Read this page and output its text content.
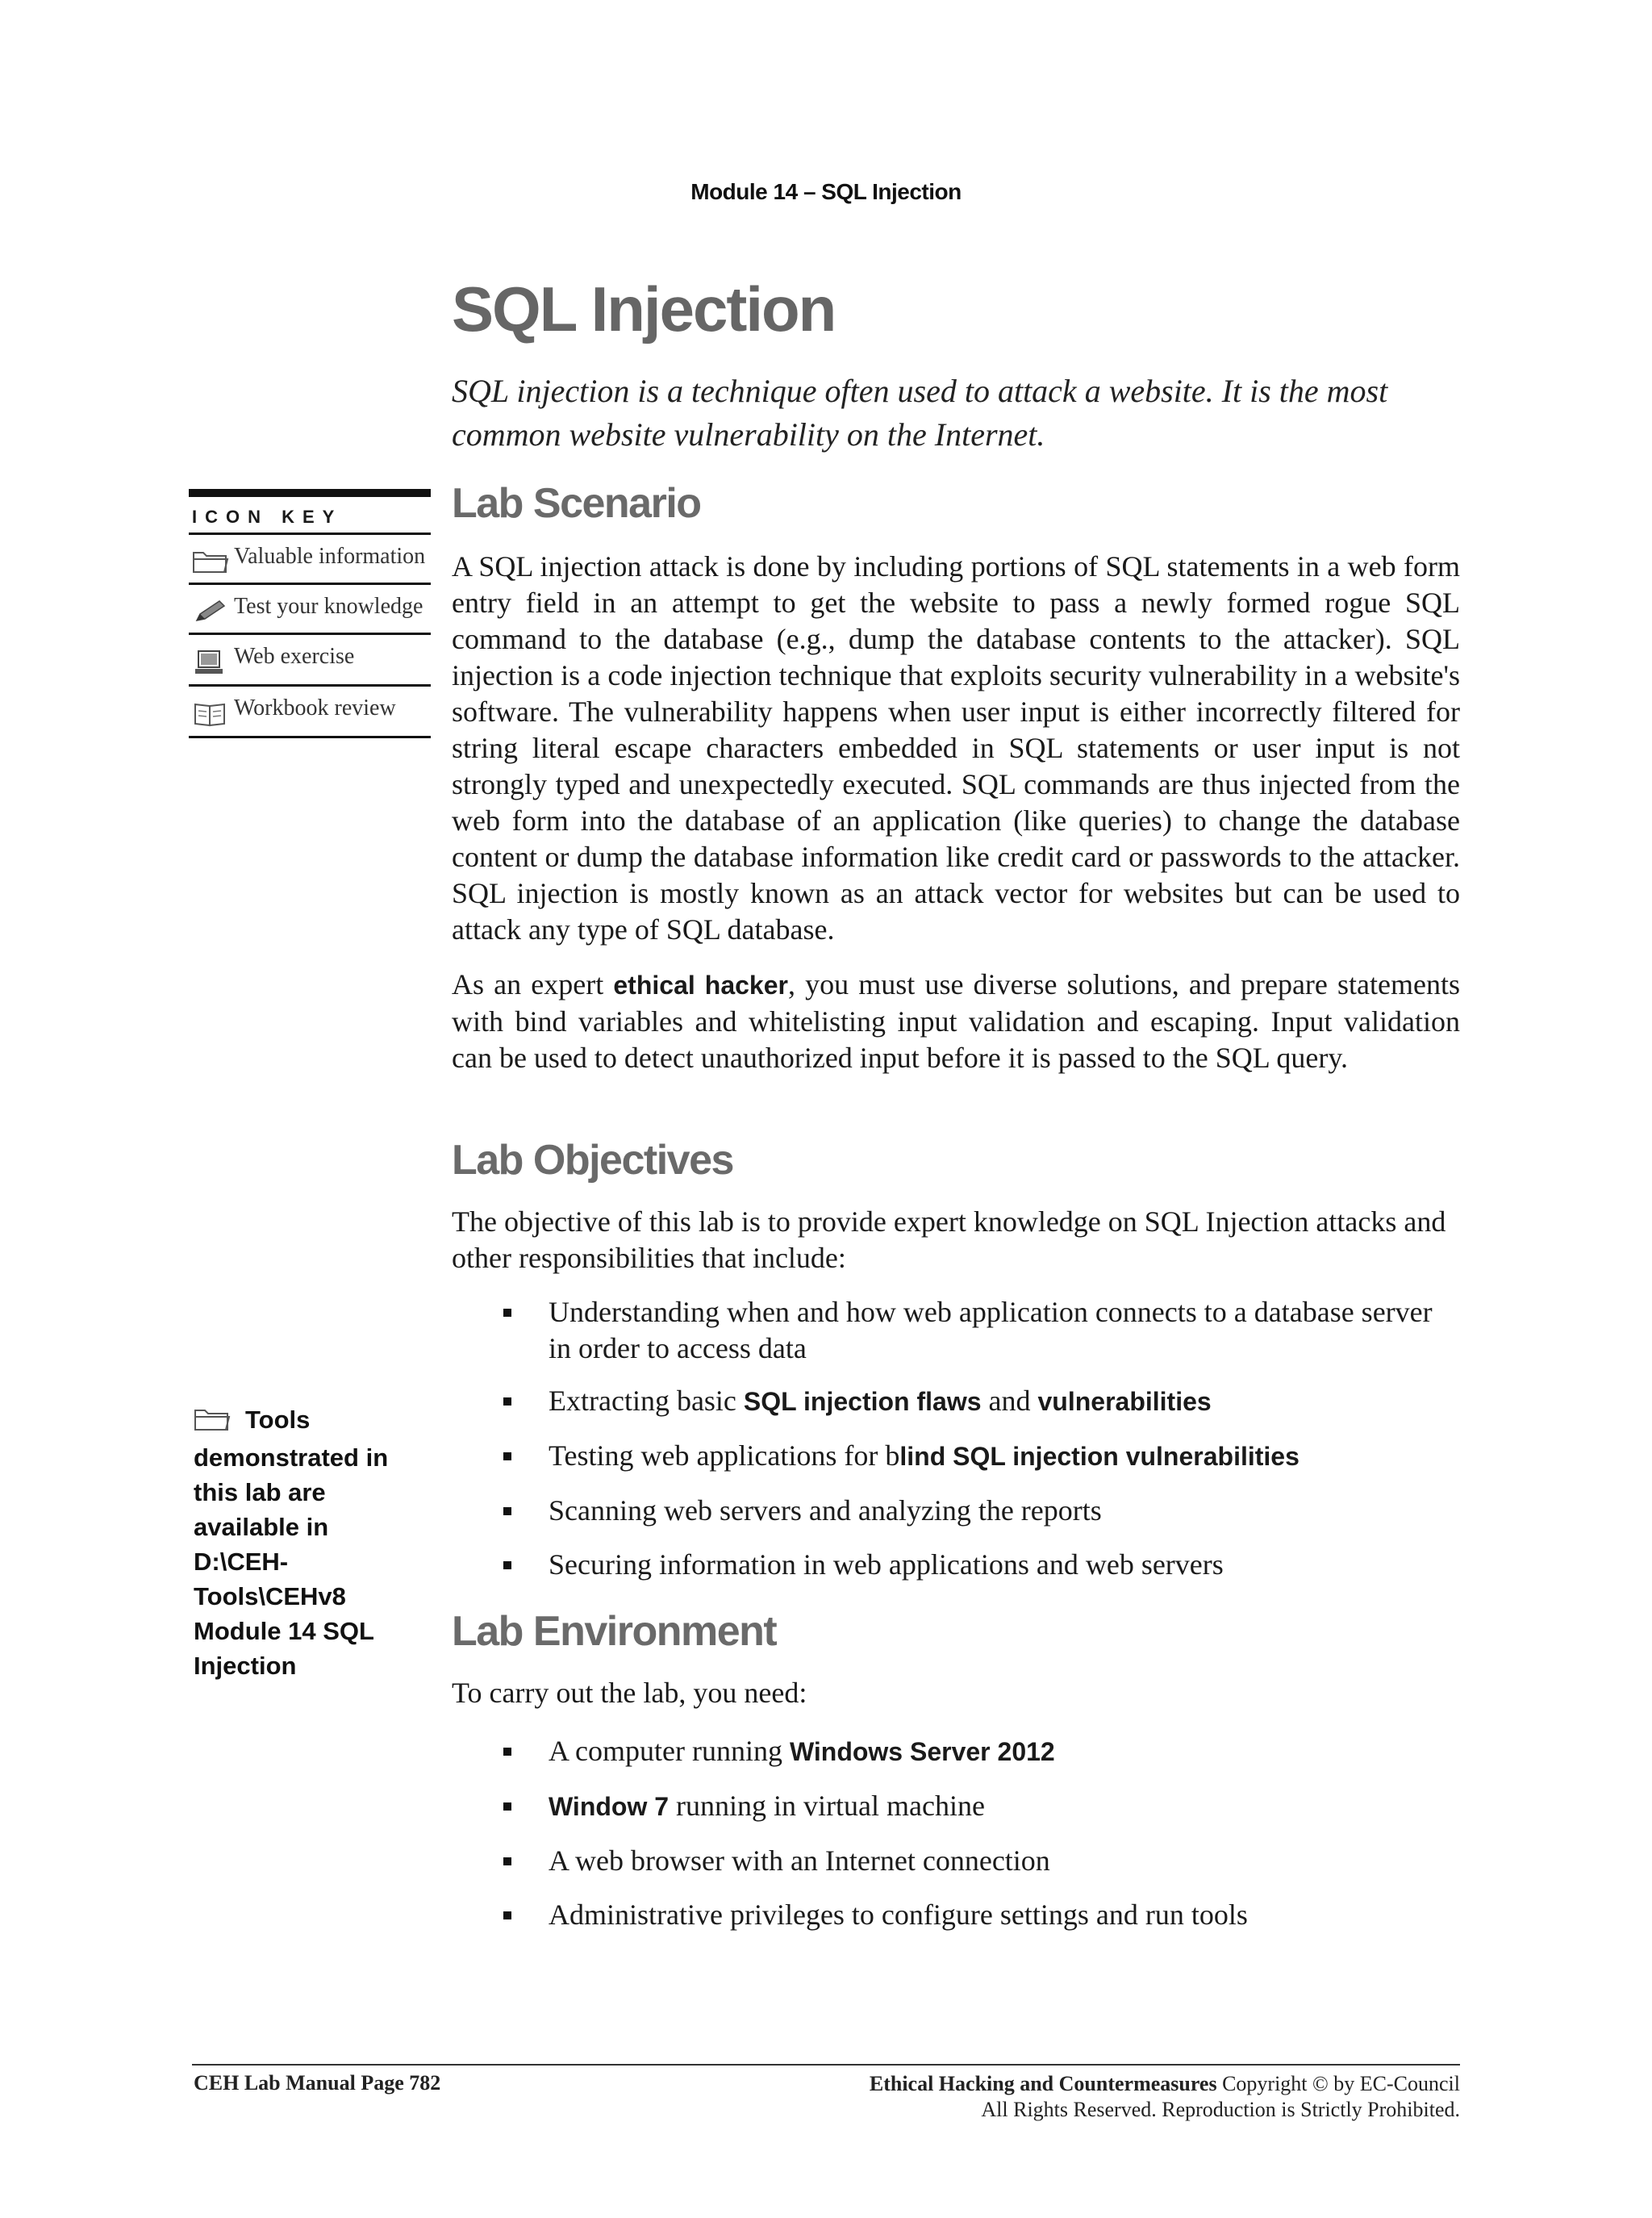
Module 14 – SQL Injection
SQL Injection
SQL injection is a technique often used to attack a website. It is the most common website vulnerability on the Internet.
ICON KEY
Valuable information
Test your knowledge
Web exercise
Workbook review
Tools demonstrated in this lab are available in D:\CEH-Tools\CEHv8 Module 14 SQL Injection
Lab Scenario

A SQL injection attack is done by including portions of SQL statements in a web form entry field in an attempt to get the website to pass a newly formed rogue SQL command to the database (e.g., dump the database contents to the attacker). SQL injection is a code injection technique that exploits security vulnerability in a website's software. The vulnerability happens when user input is either incorrectly filtered for string literal escape characters embedded in SQL statements or user input is not strongly typed and unexpectedly executed. SQL commands are thus injected from the web form into the database of an application (like queries) to change the database content or dump the database information like credit card or passwords to the attacker. SQL injection is mostly known as an attack vector for websites but can be used to attack any type of SQL database.

As an expert ethical hacker, you must use diverse solutions, and prepare statements with bind variables and whitelisting input validation and escaping. Input validation can be used to detect unauthorized input before it is passed to the SQL query.

Lab Objectives

The objective of this lab is to provide expert knowledge on SQL Injection attacks and other responsibilities that include:

Understanding when and how web application connects to a database server in order to access data
Extracting basic SQL injection flaws and vulnerabilities
Testing web applications for blind SQL injection vulnerabilities
Scanning web servers and analyzing the reports
Securing information in web applications and web servers
Lab Environment

To carry out the lab, you need:

A computer running Windows Server 2012
Window 7 running in virtual machine
A web browser with an Internet connection
Administrative privileges to configure settings and run tools
CEH Lab Manual Page 782	Ethical Hacking and Countermeasures Copyright © by EC-Council
All Rights Reserved. Reproduction is Strictly Prohibited.
